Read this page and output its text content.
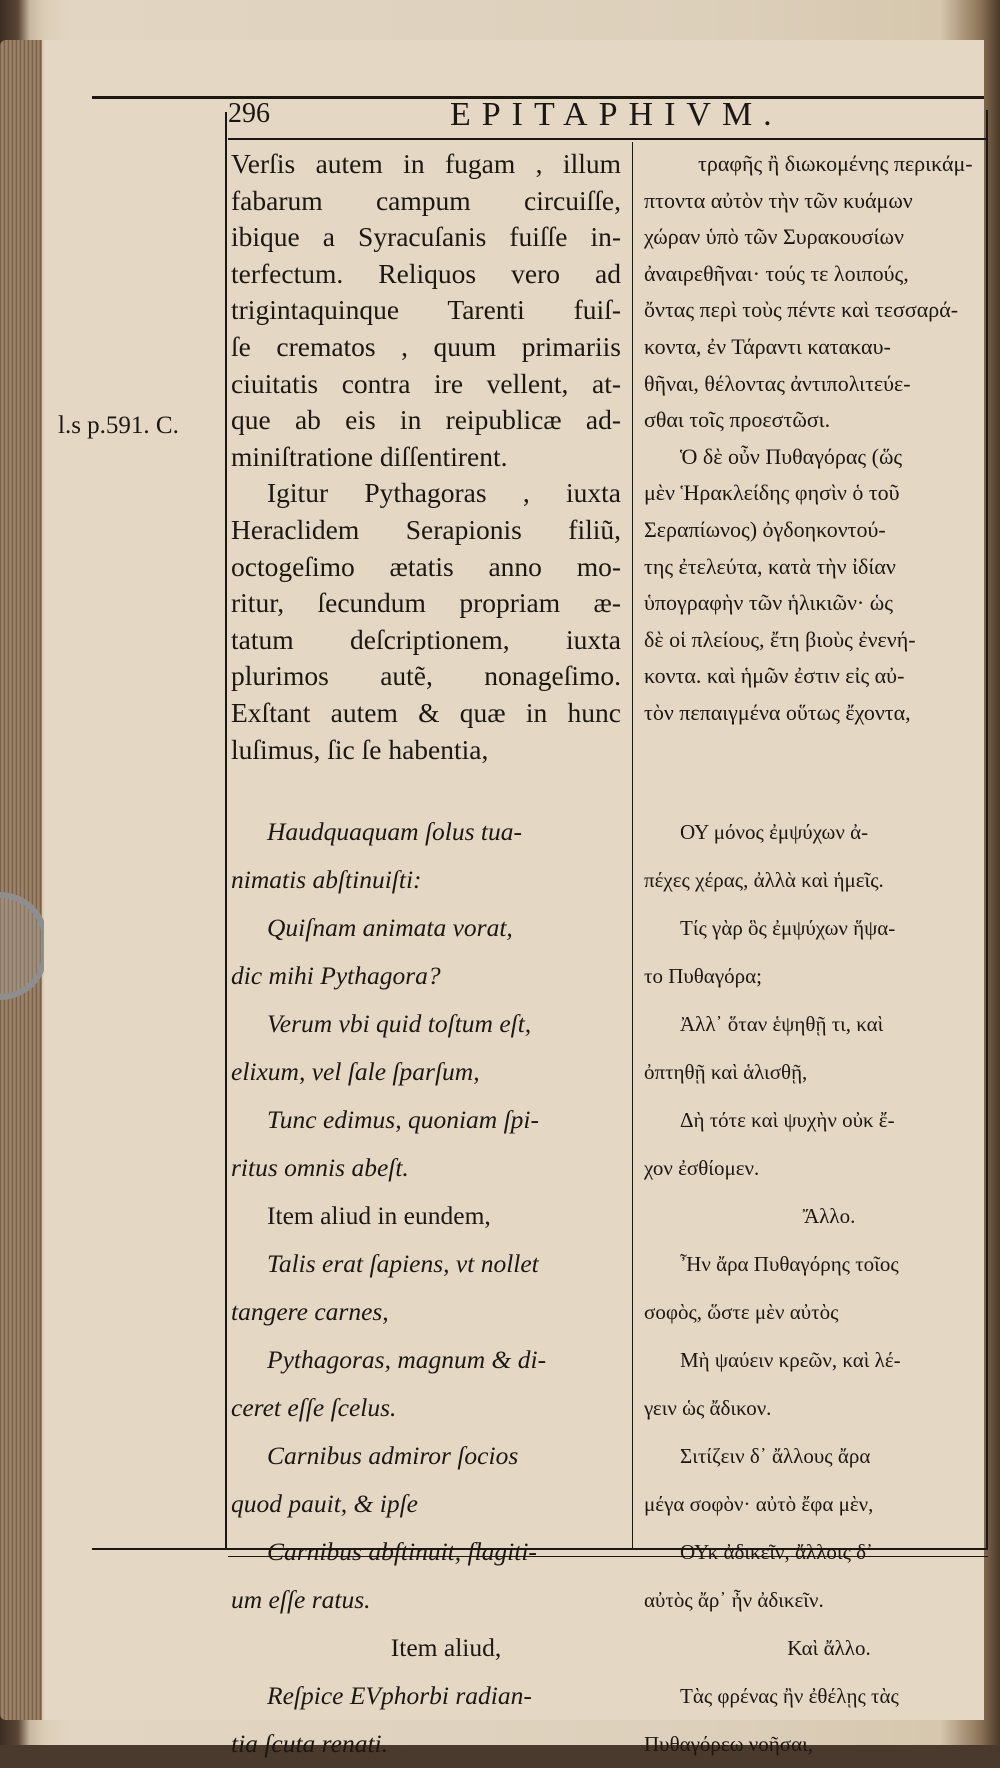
296	EPITAPHIVM.
l.s p.591. C.
Verſis autem in fugam , illum
fabarum campum circuiſſe,
ibique a Syracuſanis fuiſſe in-
terfectum. Reliquos vero ad
trigintaquinque Tarenti fuiſ-
ſe crematos , quum primariis
ciuitatis contra ire vellent, at-
que ab eis in reipublicæ ad-
miniſtratione diſſentirent.
Igitur Pythagoras , iuxta
Heraclidem Serapionis filiũ,
octogeſimo ætatis anno mo-
ritur, ſecundum propriam æ-
tatum deſcriptionem, iuxta
plurimos autẽ, nonageſimo.
Exſtant autem & quæ in hunc
luſimus, ſic ſe habentia,
Haudquaquam ſolus tua-
nimatis abſtinuiſti:
Quiſnam animata vorat,
dic mihi Pythagora?
Verum vbi quid toſtum eſt,
elixum, vel ſale ſparſum,
Tunc edimus, quoniam ſpi-
ritus omnis abeſt.
Item aliud in eundem,
Talis erat ſapiens, vt nollet
tangere carnes,
Pythagoras, magnum & di-
ceret eſſe ſcelus.
Carnibus admiror ſocios
quod pauit, & ipſe
Carnibus abſtinuit, flagiti-
um eſſe ratus.
Item aliud,
Reſpice EVphorbi radian-
tia ſcuta renati.
τραφῆς ἢ διωκομένης περικάμ-
πτοντα αὐτὸν τὴν τῶν κυάμων
χώραν ὑπὸ τῶν Συρακουσίων
ἀναιρεθῆναι· τούς τε λοιπούς,
ὄντας περὶ τοὺς πέντε καὶ τεσσαρά-
κοντα, ἐν Τάραντι κατακαυ-
θῆναι, θέλοντας ἀντιπολιτεύε-
σθαι τοῖς προεστῶσι.
Ὁ δὲ οὖν Πυθαγόρας (ὥς
μὲν Ἡρακλείδης φησὶν ὁ τοῦ
Σεραπίωνος) ὀγδοηκοντού-
της ἐτελεύτα, κατὰ τὴν ἰδίαν
ὑπογραφὴν τῶν ἡλικιῶν· ὡς
δὲ οἱ πλείους, ἔτη βιοὺς ἐνενή-
κοντα. καὶ ἡμῶν ἐστιν εἰς αὐ-
τὸν πεπαιγμένα οὕτως ἔχοντα,
ΟΥ μόνος ἐμψύχων ἀ-
πέχες χέρας, ἀλλὰ καὶ ἡμεῖς.
Τίς γὰρ ὃς ἐμψύχων ἥψα-
το Πυθαγόρα;
Ἀλλ᾽ ὅταν ἑψηθῇ τι, καὶ
ὀπτηθῇ καὶ ἁλισθῇ,
Δὴ τότε καὶ ψυχὴν οὐκ ἔ-
χον ἐσθίομεν.
Ἄλλο.
Ἦν ἄρα Πυθαγόρης τοῖος
σοφὸς, ὥστε μὲν αὐτὸς
Μὴ ψαύειν κρεῶν, καὶ λέ-
γειν ὡς ἄδικον.
Σιτίζειν δ᾽ ἄλλους ἄρα
μέγα σοφὸν· αὐτὸ ἔφα μὲν,
ΟΥκ ἀδικεῖν, ἄλλοις δ᾽
αὐτὸς ἄρ᾽ ἦν ἀδικεῖν.
Καὶ ἄλλο.
Τὰς φρένας ἢν ἐθέλῃς τὰς
Πυθαγόρεω νοῆσαι,
